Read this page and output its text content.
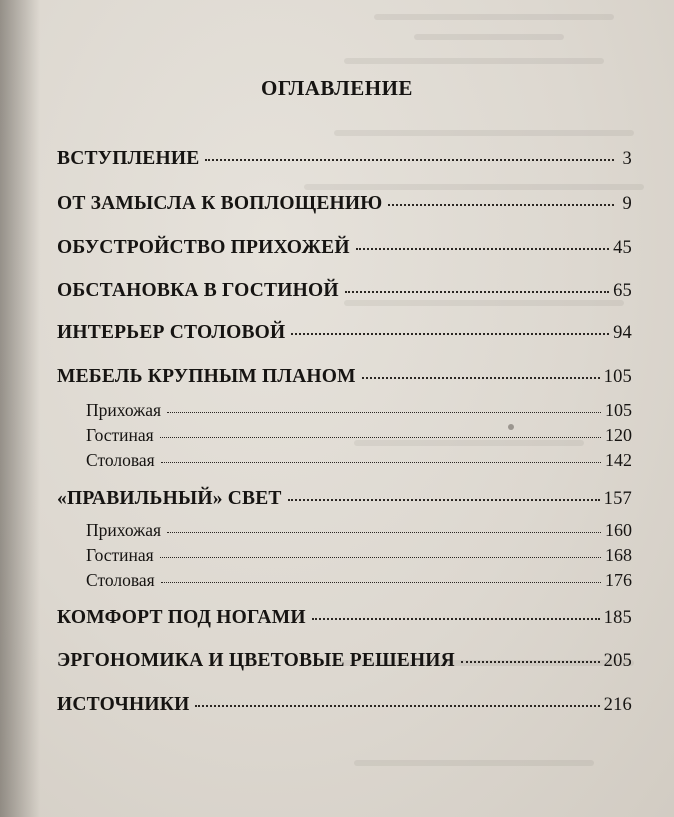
ОГЛАВЛЕНИЕ
ВСТУПЛЕНИЕ	3
ОТ ЗАМЫСЛА К ВОПЛОЩЕНИЮ	9
ОБУСТРОЙСТВО ПРИХОЖЕЙ	45
ОБСТАНОВКА В ГОСТИНОЙ	65
ИНТЕРЬЕР СТОЛОВОЙ	94
МЕБЕЛЬ КРУПНЫМ ПЛАНОМ	105
Прихожая	105
Гостиная	120
Столовая	142
«ПРАВИЛЬНЫЙ» СВЕТ	157
Прихожая	160
Гостиная	168
Столовая	176
КОМФОРТ ПОД НОГАМИ	185
ЭРГОНОМИКА И ЦВЕТОВЫЕ РЕШЕНИЯ	205
ИСТОЧНИКИ	216
